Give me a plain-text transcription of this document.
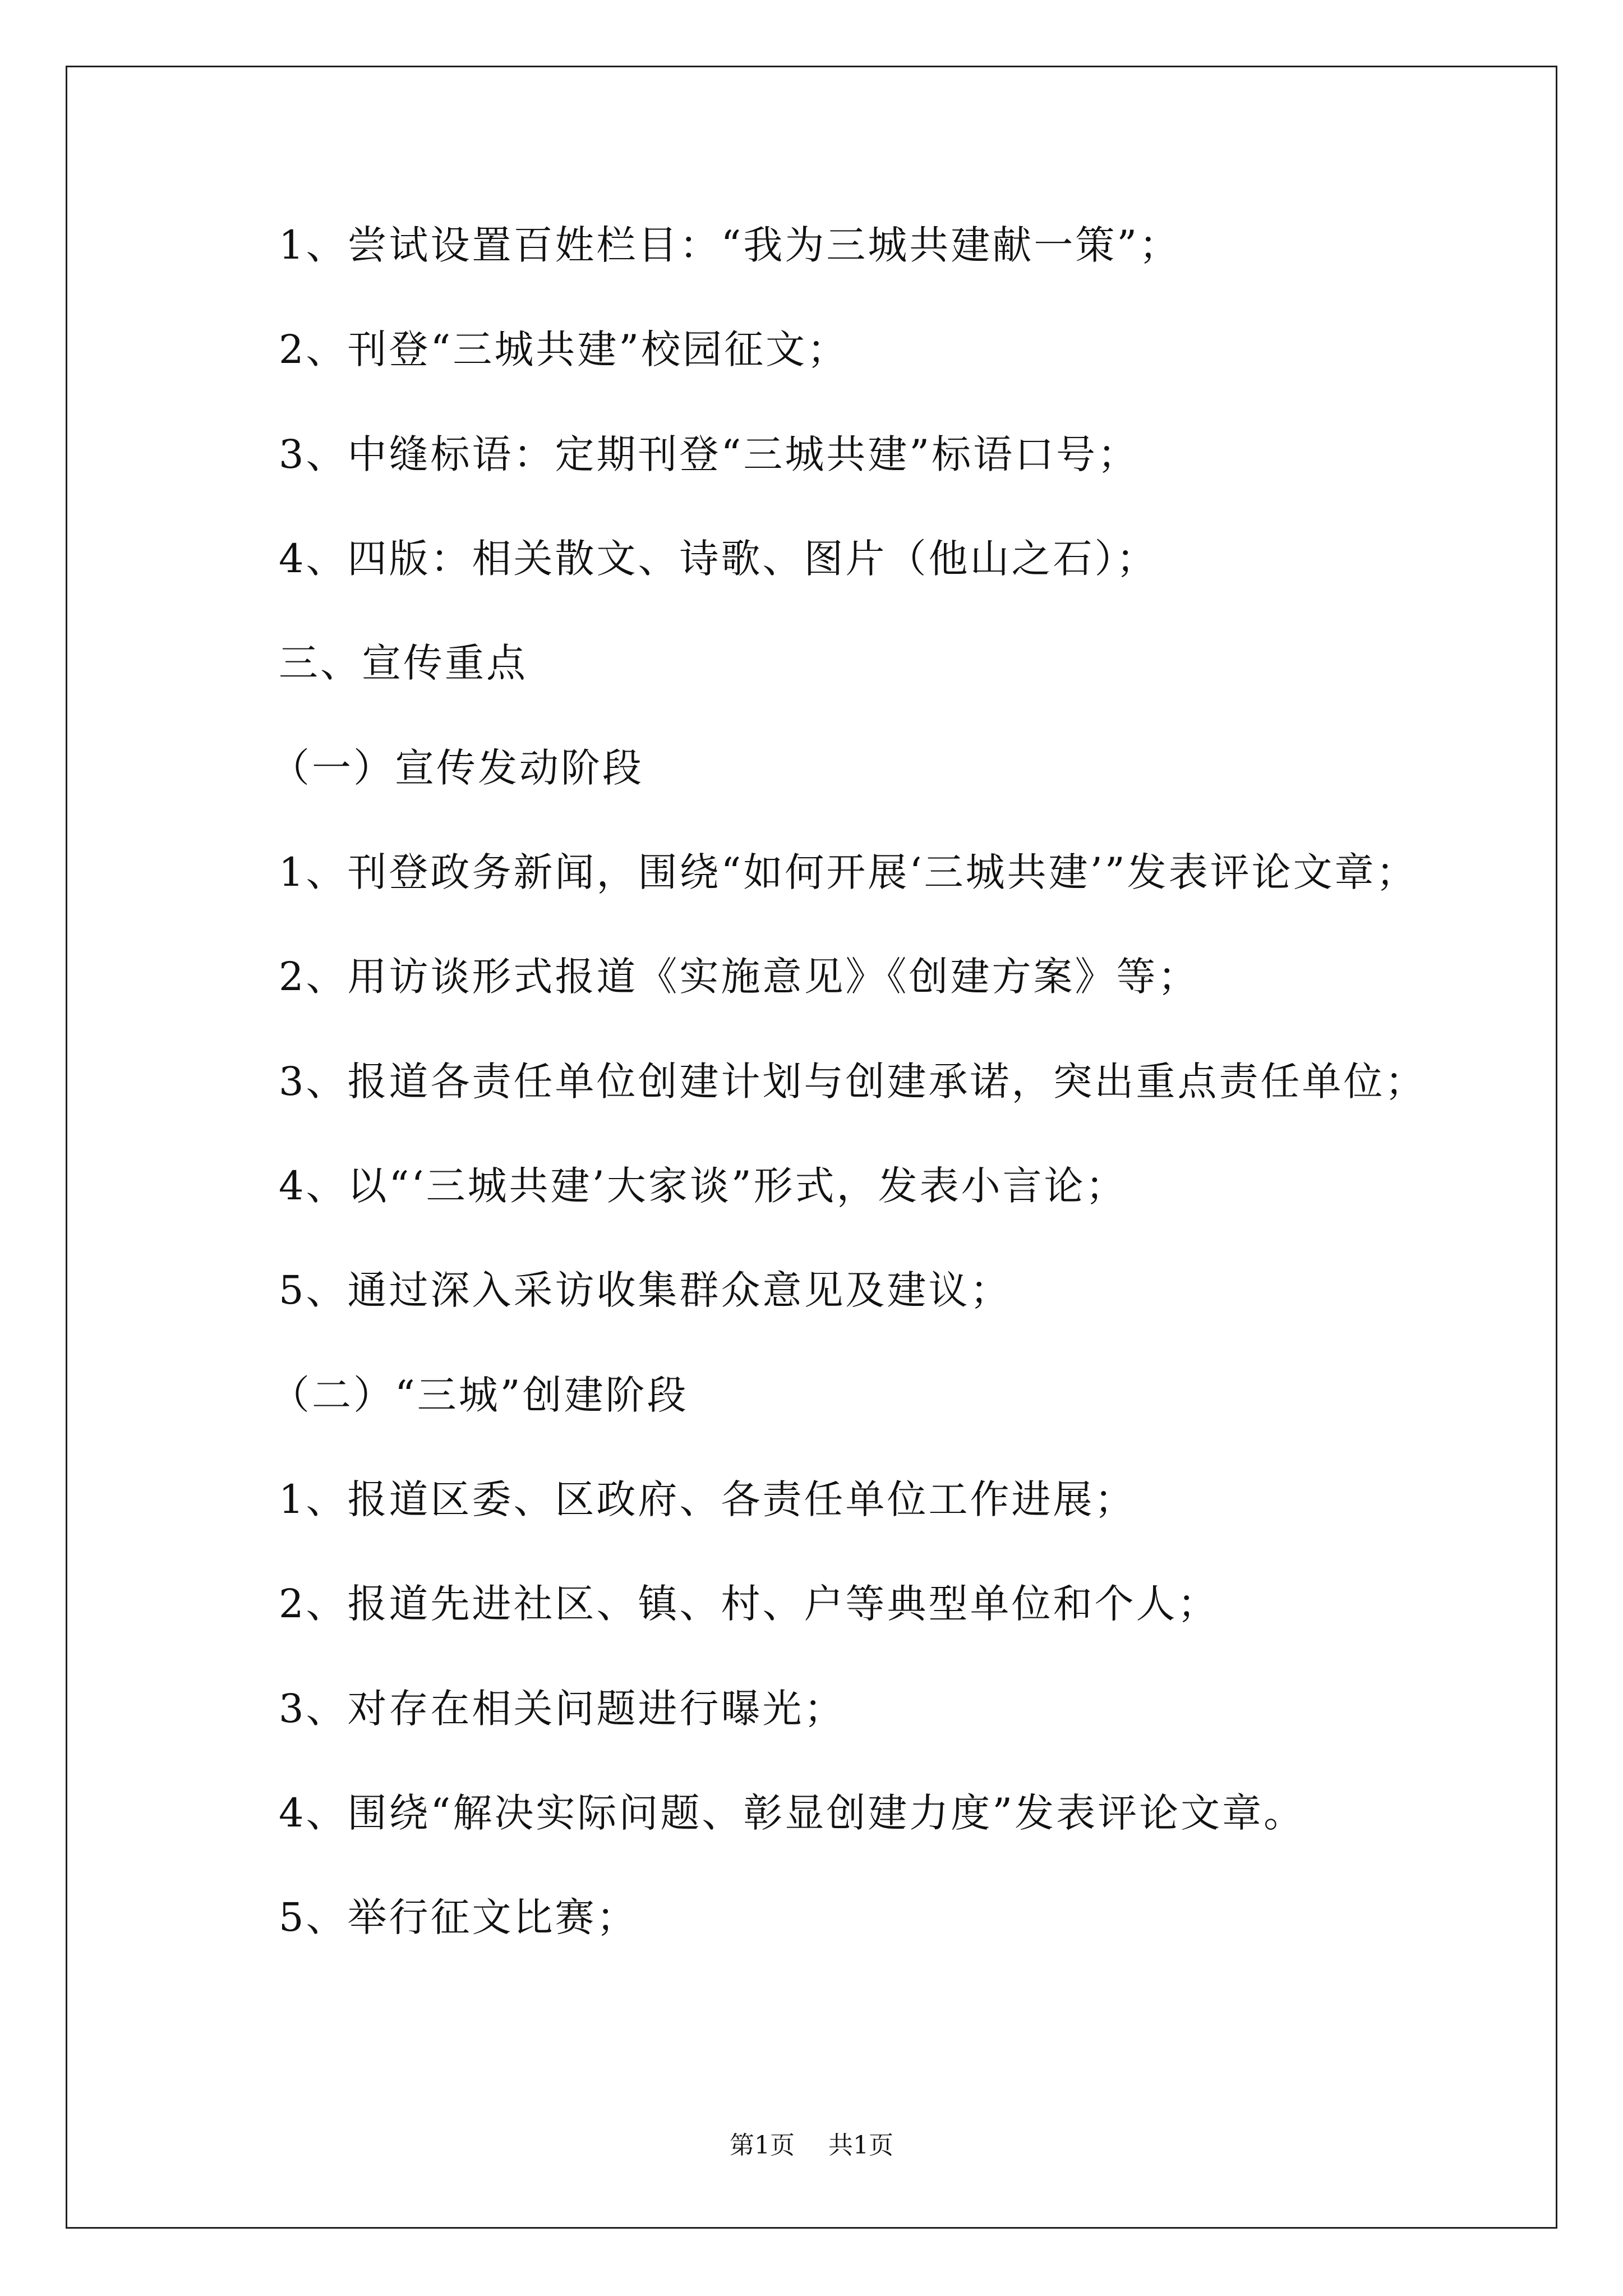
1、尝试设置百姓栏目：“我为三城共建献一策”；
2、刊登“三城共建”校园征文；
3、中缝标语：定期刊登“三城共建”标语口号；
4、四版：相关散文、诗歌、图片（他山之石）；
三、宣传重点
（一）宣传发动阶段
1、刊登政务新闻，围绕“如何开展‘三城共建’”发表评论文章；
2、用访谈形式报道《实施意见》《创建方案》等；
3、报道各责任单位创建计划与创建承诺，突出重点责任单位；
4、以“‘三城共建’大家谈”形式，发表小言论；
5、通过深入采访收集群众意见及建议；
（二）“三城”创建阶段
1、报道区委、区政府、各责任单位工作进展；
2、报道先进社区、镇、村、户等典型单位和个人；
3、对存在相关问题进行曝光；
4、围绕“解决实际问题、彰显创建力度”发表评论文章。
5、举行征文比赛；
第1页 共1页
